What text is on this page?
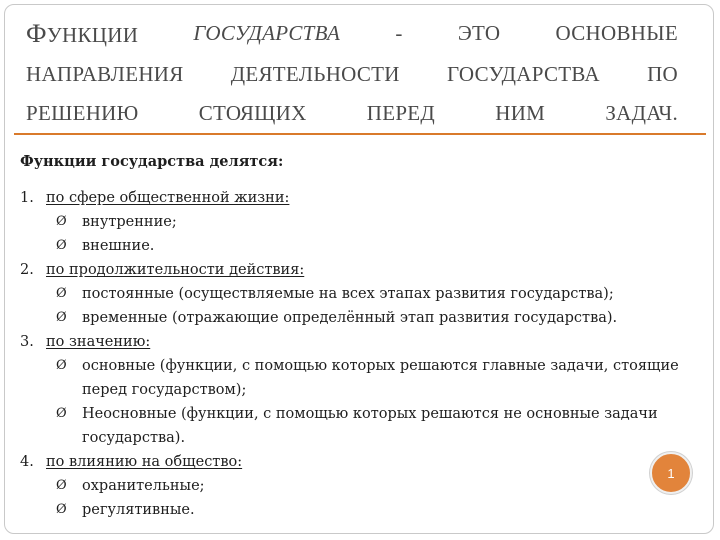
ФУНКЦИИ	ГОСУДАРСТВА	-	ЭТО	ОСНОВНЫЕ
НАПРАВЛЕНИЯ ДЕЯТЕЛЬНОСТИ ГОСУДАРСТВА ПО
РЕШЕНИЮ	СТОЯЩИХ	ПЕРЕД	НИМ	ЗАДАЧ.
Функции государства делятся:
1. по сфере общественной жизни:
Ø внутренние;
Ø внешние.
2. по продолжительности действия:
Ø постоянные (осуществляемые на всех этапах развития государства);
Ø временные (отражающие определённый этап развития государства).
3. по значению:
Ø основные (функции, с помощью которых решаются главные задачи, стоящие перед государством);
Ø Неосновные (функции, с помощью которых решаются не основные задачи государства).
4. по влиянию на общество:
Ø охранительные;
Ø регулятивные.
1
